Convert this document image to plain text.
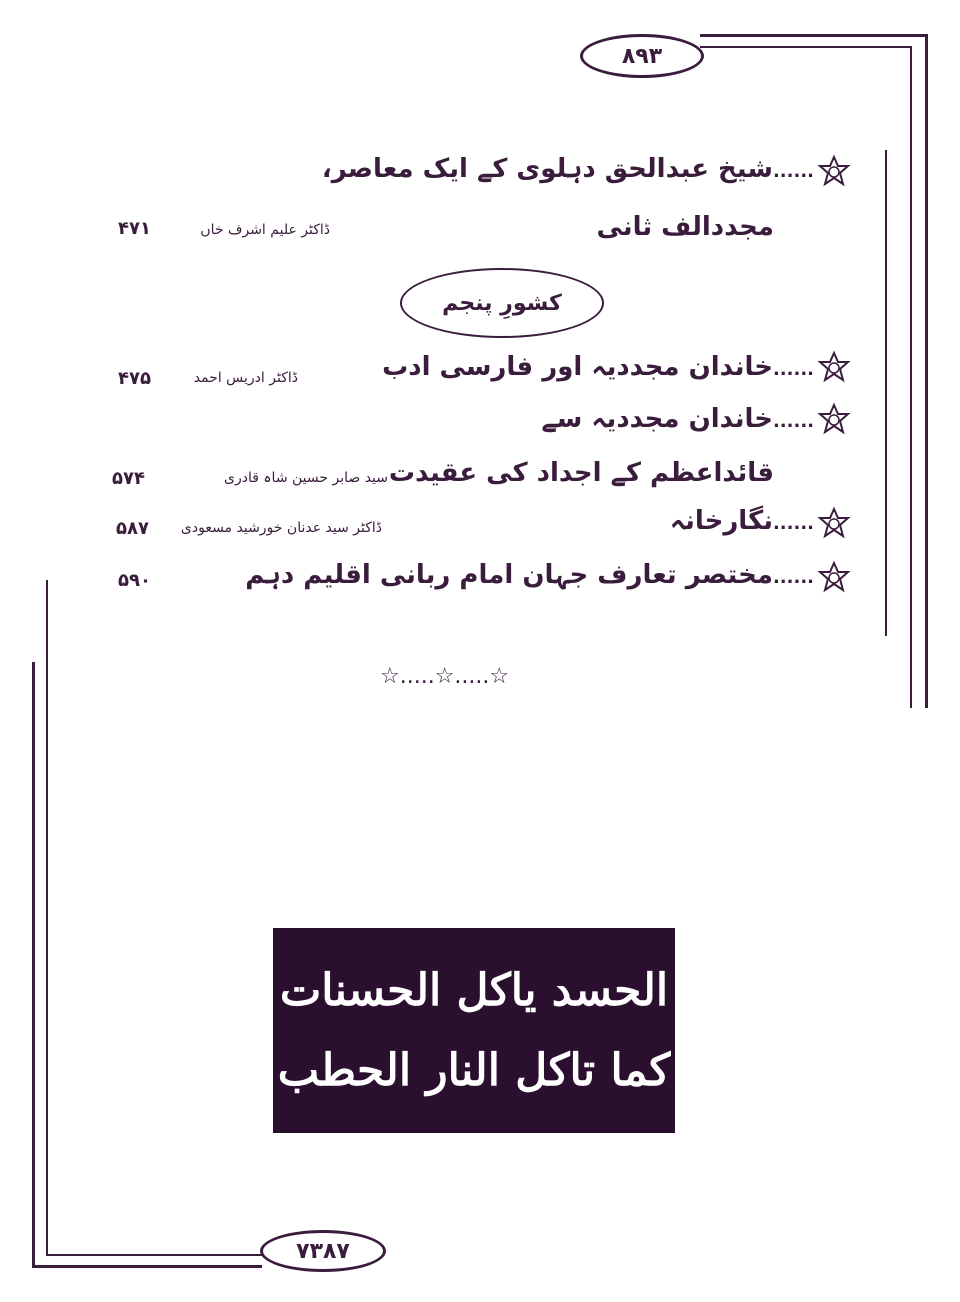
۸۹۳
۷۳۸۷
......شیخ عبدالحق دہلوی کے ایک معاصر،
مجددالف ثانی
ڈاکٹر علیم اشرف خاں
۴۷۱
کشورِ پنجم
......خاندان مجددیہ اور فارسی ادب
ڈاکٹر ادریس احمد
۴۷۵
......خاندان مجددیہ سے
قائداعظم کے اجداد کی عقیدت
سید صابر حسین شاہ قادری
۵۷۴
......نگارخانہ
ڈاکٹر سید عدنان خورشید مسعودی
۵۸۷
......مختصر تعارف جہان امام ربانی اقلیم دہم
۵۹۰
☆.....☆.....☆
الحسد یاکل الحسنات
کما تاکل النار الحطب
